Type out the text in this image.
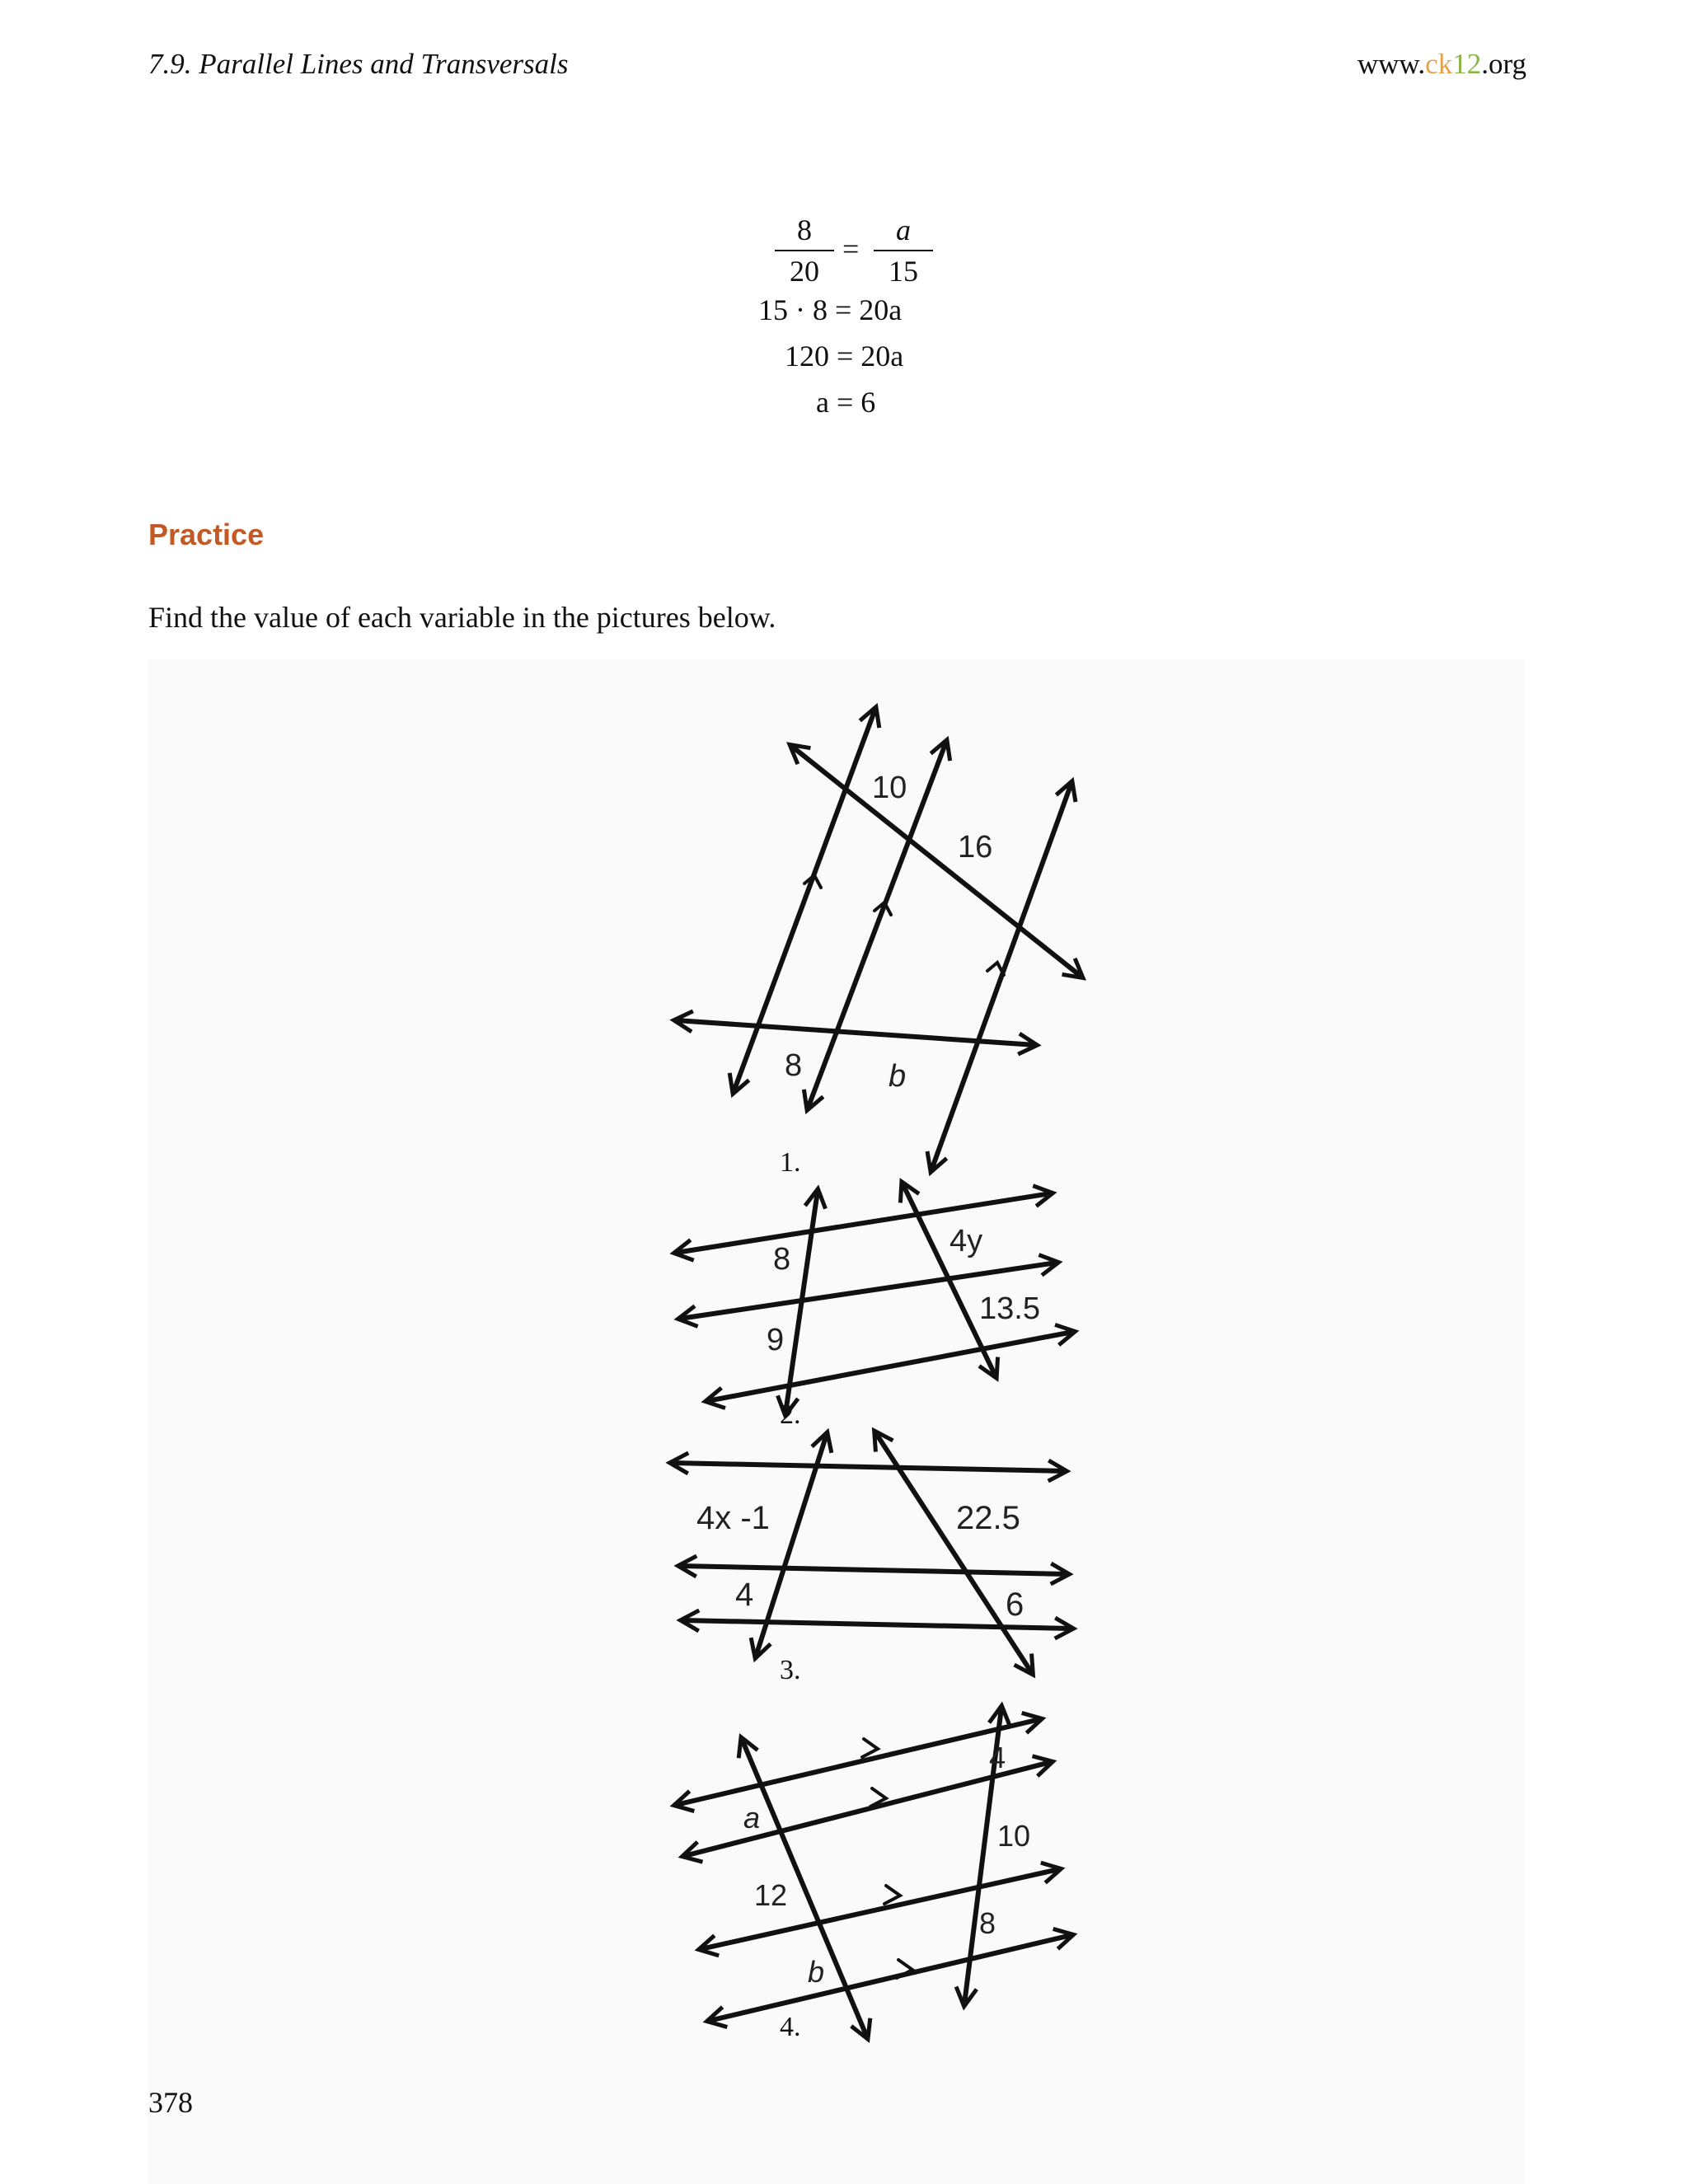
7.9. Parallel Lines and Transversals	www.ck12.org
$\frac{8}{20} = \frac{a}{15}$
15 · 8 = 20a
120 = 20a
a = 6
Practice
Find the value of each variable in the pictures below.
1.
2.
3.
4.
10
16
8	b
8
9
4y
13.5
4x -1
4
22.5
6
a
12
b
4
10
8
378
